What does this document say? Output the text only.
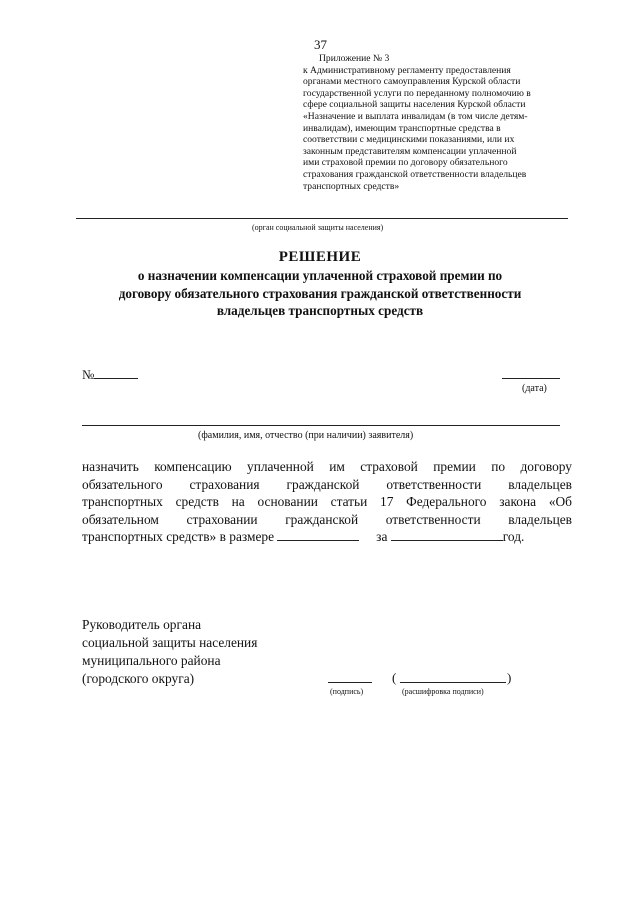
37
Приложение № 3
к Административному регламенту предоставления
органами местного самоуправления Курской области
государственной услуги по переданному полномочию в
сфере социальной защиты населения Курской области
«Назначение и выплата инвалидам (в том числе детям-
инвалидам), имеющим транспортные средства в
соответствии с медицинскими показаниями, или их
законным представителям компенсации уплаченной
ими страховой премии по договору обязательного
страхования гражданской ответственности владельцев
транспортных средств»
(орган социальной защиты населения)
РЕШЕНИЕ
о назначении компенсации уплаченной страховой премии по
договору обязательного страхования гражданской ответственности
владельцев транспортных средств
№
(дата)
(фамилия, имя, отчество (при наличии) заявителя)
назначить компенсацию уплаченной им страховой премии по договору
обязательного страхования гражданской ответственности владельцев
транспортных средств на основании статьи 17 Федерального закона «Об
обязательном страховании гражданской ответственности владельцев
транспортных средств» в размере	за	год.
Руководитель органа
социальной защиты населения
муниципального района
(городского округа)
(подпись)
(	)
(расшифровка подписи)
